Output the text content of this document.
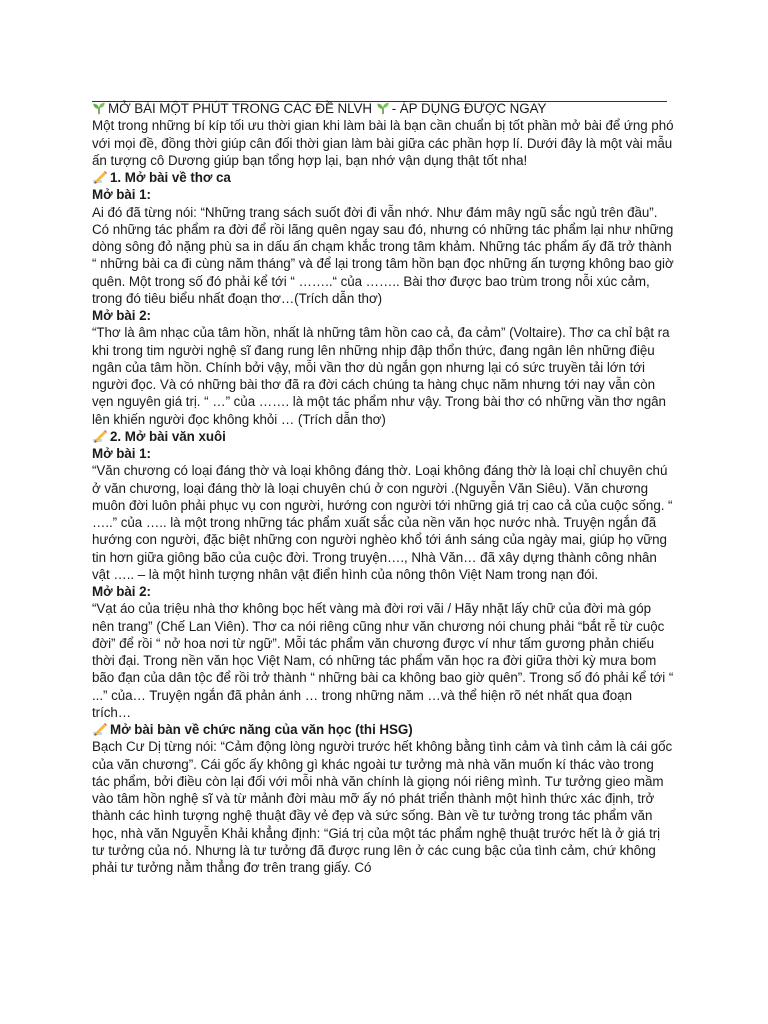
MỞ BÀI MỘT PHÚT TRONG CÁC ĐỀ NLVH - ÁP DỤNG ĐƯỢC NGAY

Một trong những bí kíp tối ưu thời gian khi làm bài là bạn cần chuẩn bị tốt phần mở bài để ứng phó với mọi đề, đồng thời giúp cân đối thời gian làm bài giữa các phần hợp lí. Dưới đây là một vài mẫu ấn tượng cô Dương giúp bạn tổng hợp lại, bạn nhớ vận dụng thật tốt nha!

1. Mở bài về thơ ca

Mở bài 1:

Ai đó đã từng nói: “Những trang sách suốt đời đi vẫn nhớ. Như đám mây ngũ sắc ngủ trên đầu”. Có những tác phẩm ra đời để rồi lãng quên ngay sau đó, nhưng có những tác phẩm lại như những dòng sông đỏ nặng phù sa in dấu ấn chạm khắc trong tâm khảm. Những tác phẩm ấy đã trở thành “ những bài ca đi cùng năm tháng” và để lại trong tâm hồn bạn đọc những ấn tượng không bao giờ quên. Một trong số đó phải kể tới “ ……..“ của …….. Bài thơ được bao trùm trong nỗi xúc cảm, trong đó tiêu biểu nhất đoạn thơ…(Trích dẫn thơ)

Mở bài 2:

“Thơ là âm nhạc của tâm hồn, nhất là những tâm hồn cao cả, đa cảm” (Voltaire). Thơ ca chỉ bật ra khi trong tim người nghệ sĩ đang rung lên những nhịp đập thổn thức, đang ngân lên những điệu ngân của tâm hồn. Chính bởi vậy, mỗi vần thơ dù ngắn gọn nhưng lại có sức truyền tải lớn tới người đọc. Và có những bài thơ đã ra đời cách chúng ta hàng chục năm nhưng tới nay vẫn còn vẹn nguyên giá trị. “ …” của ……. là một tác phẩm như vậy. Trong bài thơ có những vần thơ ngân lên khiến người đọc không khỏi … (Trích dẫn thơ)

2. Mở bài văn xuôi

Mở bài 1:

“Văn chương có loại đáng thờ và loại không đáng thờ. Loại không đáng thờ là loại chỉ chuyên chú ở văn chương, loại đáng thờ là loại chuyên chú ở con người .(Nguyễn Văn Siêu). Văn chương muôn đời luôn phải phục vụ con người, hướng con người tới những giá trị cao cả của cuộc sống. “ …..” của ….. là một trong những tác phẩm xuất sắc của nền văn học nước nhà. Truyện ngắn đã hướng con người, đặc biệt những con người nghèo khổ tới ánh sáng của ngày mai, giúp họ vững tin hơn giữa giông bão của cuộc đời. Trong truyện…., Nhà Văn… đã xây dựng thành công nhân vật ….. – là một hình tượng nhân vật điển hình của nông thôn Việt Nam trong nạn đói.

Mở bài 2:

“Vạt áo của triệu nhà thơ không bọc hết vàng mà đời rơi vãi / Hãy nhặt lấy chữ của đời mà góp nên trang” (Chế Lan Viên). Thơ ca nói riêng cũng như văn chương nói chung phải “bắt rễ từ cuộc đời” để rồi “ nở hoa nơi từ ngữ”. Mỗi tác phẩm văn chương được ví như tấm gương phản chiếu thời đại. Trong nền văn học Việt Nam, có những tác phẩm văn học ra đời giữa thời kỳ mưa bom bão đạn của dân tộc để rồi trở thành “ những bài ca không bao giờ quên”. Trong số đó phải kể tới “ ...” của… Truyện ngắn đã phản ánh … trong những năm …và thể hiện rõ nét nhất qua đoạn trích…

Mở bài bàn về chức năng của văn học (thi HSG)

Bạch Cư Dị từng nói: “Cảm động lòng người trước hết không bằng tình cảm và tình cảm là cái gốc của văn chương”. Cái gốc ấy không gì khác ngoài tư tưởng mà nhà văn muốn kí thác vào trong tác phẩm, bởi điều còn lại đối với mỗi nhà văn chính là giọng nói riêng mình. Tư tưởng gieo mầm vào tâm hồn nghệ sĩ và từ mảnh đời màu mỡ ấy nó phát triển thành một hình thức xác định, trở thành các hình tượng nghệ thuật đầy vẻ đẹp và sức sống. Bàn về tư tưởng trong tác phẩm văn học, nhà văn Nguyễn Khải khẳng định: “Giá trị của một tác phẩm nghệ thuật trước hết là ở giá trị tư tưởng của nó. Nhưng là tư tưởng đã được rung lên ở các cung bậc của tình cảm, chứ không phải tư tưởng nằm thẳng đơ trên trang giấy. Có
